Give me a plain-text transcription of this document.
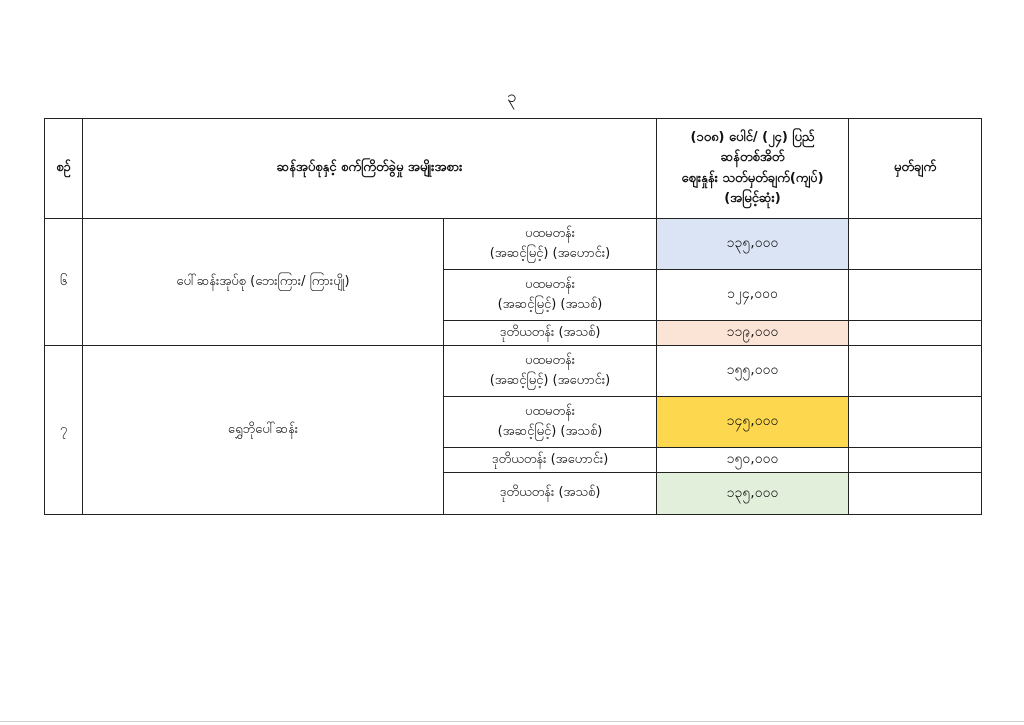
၃
စဉ်	ဆန်အုပ်စုနှင့် စက်ကြိတ်ခွဲမှု အမျိုးအစား		(၁၀၈) ပေါင်/ (၂၄) ပြည်
ဆန်တစ်အိတ်
စျေးနှုန်း သတ်မှတ်ချက်(ကျပ်)
(အမြင့်ဆုံး)	မှတ်ချက်
၆	ပေါ်ဆန်းအုပ်စု (ဘေးကြား/ ကြားပျို)	ပထမတန်း
(အဆင့်မြင့်) (အဟောင်း)	၁၃၅,၀၀၀	

		ပထမတန်း
(အဆင့်မြင့်) (အသစ်)	၁၂၄,၀၀၀	

		ဒုတိယတန်း (အသစ်)	၁၁၉,၀၀၀	
၇	ရွှေဘိုပေါ်ဆန်း	ပထမတန်း
(အဆင့်မြင့်) (အဟောင်း)	၁၅၅,၀၀၀	

		ပထမတန်း
(အဆင့်မြင့်) (အသစ်)	၁၄၅,၀၀၀	

		ဒုတိယတန်း (အဟောင်း)	၁၅၀,၀၀၀	

		ဒုတိယတန်း (အသစ်)	၁၃၅,၀၀၀	
